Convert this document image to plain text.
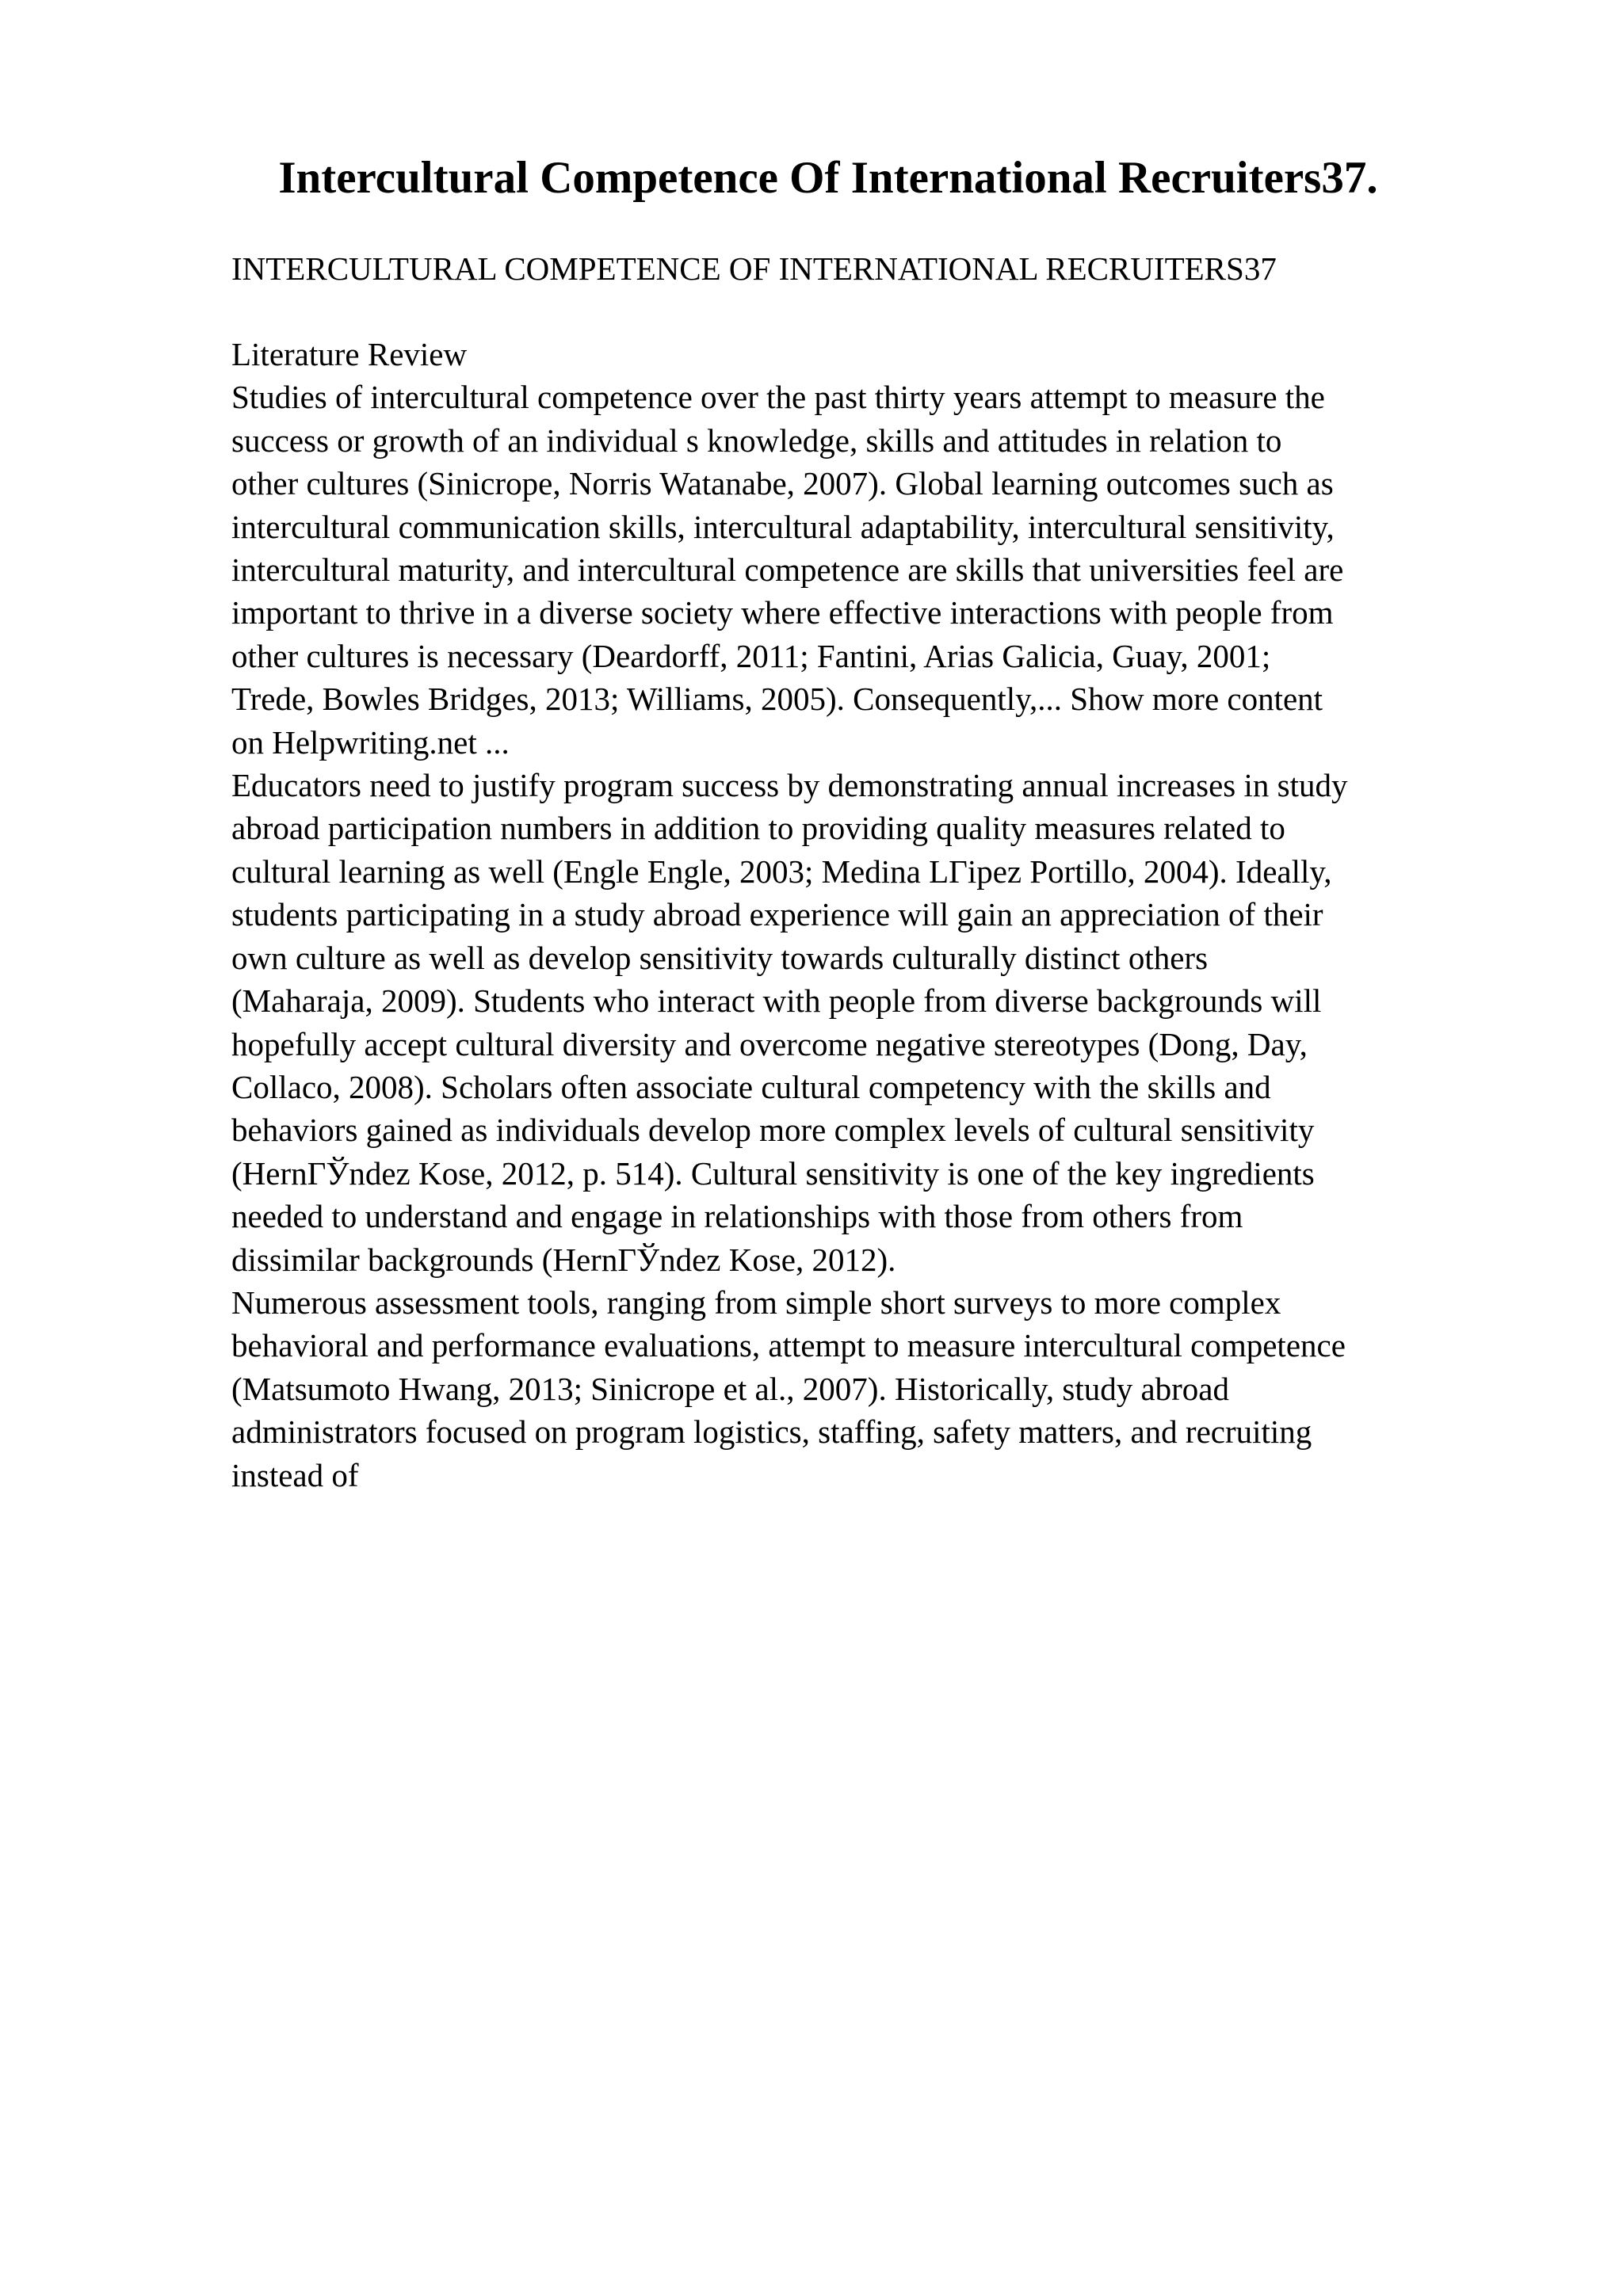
Intercultural Competence Of International Recruiters37.

INTERCULTURAL COMPETENCE OF INTERNATIONAL RECRUITERS37

Literature Review
Studies of intercultural competence over the past thirty years attempt to measure the
success or growth of an individual s knowledge, skills and attitudes in relation to
other cultures (Sinicrope, Norris Watanabe, 2007). Global learning outcomes such as
intercultural communication skills, intercultural adaptability, intercultural sensitivity,
intercultural maturity, and intercultural competence are skills that universities feel are
important to thrive in a diverse society where effective interactions with people from
other cultures is necessary (Deardorff, 2011; Fantini, Arias Galicia, Guay, 2001;
Trede, Bowles Bridges, 2013; Williams, 2005). Consequently,... Show more content
on Helpwriting.net ...
Educators need to justify program success by demonstrating annual increases in study
abroad participation numbers in addition to providing quality measures related to
cultural learning as well (Engle Engle, 2003; Medina LГipez Portillo, 2004). Ideally,
students participating in a study abroad experience will gain an appreciation of their
own culture as well as develop sensitivity towards culturally distinct others
(Maharaja, 2009). Students who interact with people from diverse backgrounds will
hopefully accept cultural diversity and overcome negative stereotypes (Dong, Day,
Collaco, 2008). Scholars often associate cultural competency with the skills and
behaviors gained as individuals develop more complex levels of cultural sensitivity
(HernГЎndez Kose, 2012, p. 514). Cultural sensitivity is one of the key ingredients
needed to understand and engage in relationships with those from others from
dissimilar backgrounds (HernГЎndez Kose, 2012).
Numerous assessment tools, ranging from simple short surveys to more complex
behavioral and performance evaluations, attempt to measure intercultural competence
(Matsumoto Hwang, 2013; Sinicrope et al., 2007). Historically, study abroad
administrators focused on program logistics, staffing, safety matters, and recruiting
instead of
